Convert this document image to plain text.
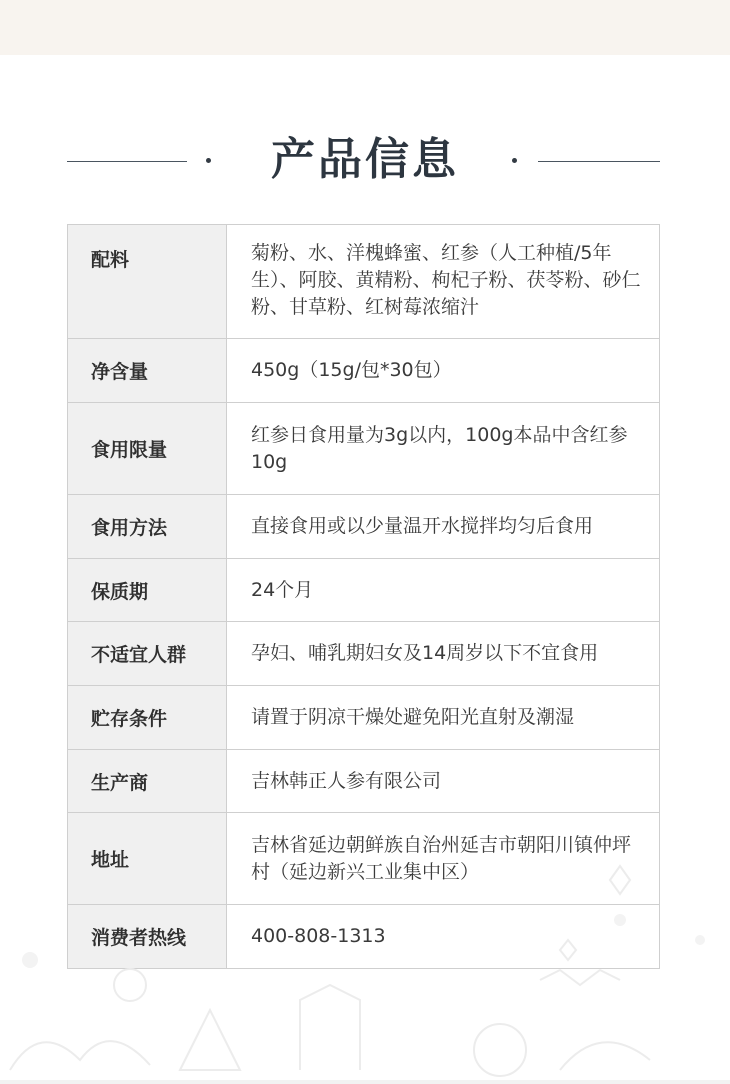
产品信息
配料	菊粉、水、洋槐蜂蜜、红参（人工种植/5年生）、阿胶、黄精粉、枸杞子粉、茯苓粉、砂仁粉、甘草粉、红树莓浓缩汁
净含量	450g（15g/包*30包）
食用限量	红参日食用量为3g以内，100g本品中含红参10g
食用方法	直接食用或以少量温开水搅拌均匀后食用
保质期	24个月
不适宜人群	孕妇、哺乳期妇女及14周岁以下不宜食用
贮存条件	请置于阴凉干燥处避免阳光直射及潮湿
生产商	吉林韩正人参有限公司
地址	吉林省延边朝鲜族自治州延吉市朝阳川镇仲坪村（延边新兴工业集中区）
消费者热线	400-808-1313
